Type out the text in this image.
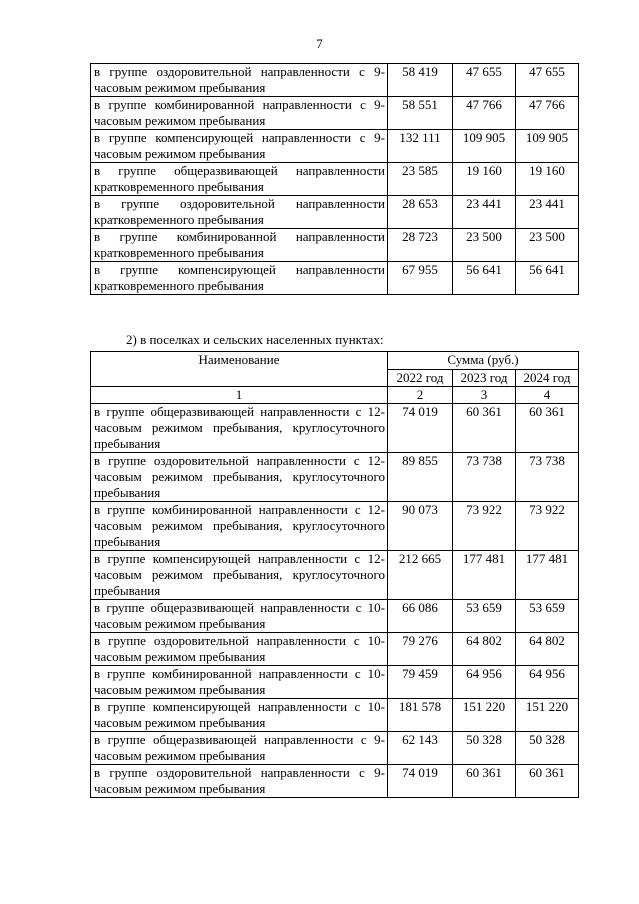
7
в группе оздоровительной направленности с 9-часовым режимом пребывания	58 419	47 655	47 655
в группе комбинированной направленности с 9-часовым режимом пребывания	58 551	47 766	47 766
в группе компенсирующей направленности с 9-часовым режимом пребывания	132 111	109 905	109 905
в группе общеразвивающей направленности кратковременного пребывания	23 585	19 160	19 160
в группе оздоровительной направленности кратковременного пребывания	28 653	23 441	23 441
в группе комбинированной направленности кратковременного пребывания	28 723	23 500	23 500
в группе компенсирующей направленности кратковременного пребывания	67 955	56 641	56 641
2) в поселках и сельских населенных пунктах:
Наименование	Сумма (руб.)		
	2022 год	2023 год	2024 год
1	2	3	4
в группе общеразвивающей направленности с 12-часовым режимом пребывания, круглосуточного пребывания	74 019	60 361	60 361
в группе оздоровительной направленности с 12-часовым режимом пребывания, круглосуточного пребывания	89 855	73 738	73 738
в группе комбинированной направленности с 12-часовым режимом пребывания, круглосуточного пребывания	90 073	73 922	73 922
в группе компенсирующей направленности с 12-часовым режимом пребывания, круглосуточного пребывания	212 665	177 481	177 481
в группе общеразвивающей направленности с 10-часовым режимом пребывания	66 086	53 659	53 659
в группе оздоровительной направленности с 10-часовым режимом пребывания	79 276	64 802	64 802
в группе комбинированной направленности с 10-часовым режимом пребывания	79 459	64 956	64 956
в группе компенсирующей направленности с 10-часовым режимом пребывания	181 578	151 220	151 220
в группе общеразвивающей направленности с 9-часовым режимом пребывания	62 143	50 328	50 328
в группе оздоровительной направленности с 9-часовым режимом пребывания	74 019	60 361	60 361
